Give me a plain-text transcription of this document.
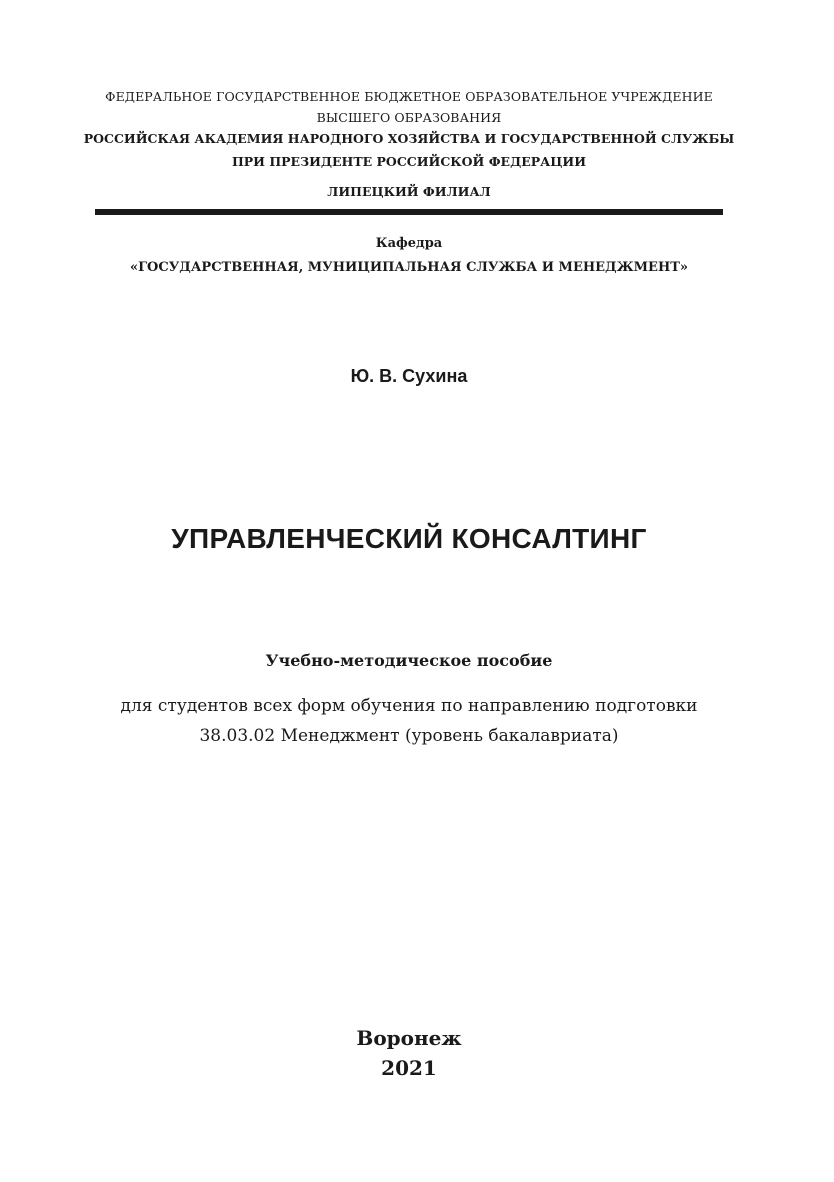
ФЕДЕРАЛЬНОЕ ГОСУДАРСТВЕННОЕ БЮДЖЕТНОЕ ОБРАЗОВАТЕЛЬНОЕ УЧРЕЖДЕНИЕ
ВЫСШЕГО ОБРАЗОВАНИЯ
РОССИЙСКАЯ АКАДЕМИЯ НАРОДНОГО ХОЗЯЙСТВА И ГОСУДАРСТВЕННОЙ СЛУЖБЫ
ПРИ ПРЕЗИДЕНТЕ РОССИЙСКОЙ ФЕДЕРАЦИИ
ЛИПЕЦКИЙ ФИЛИАЛ
Кафедра
«ГОСУДАРСТВЕННАЯ, МУНИЦИПАЛЬНАЯ СЛУЖБА И МЕНЕДЖМЕНТ»
Ю. В. Сухина
УПРАВЛЕНЧЕСКИЙ КОНСАЛТИНГ
Учебно-методическое пособие
для студентов всех форм обучения по направлению подготовки
38.03.02 Менеджмент (уровень бакалавриата)
Воронеж
2021
